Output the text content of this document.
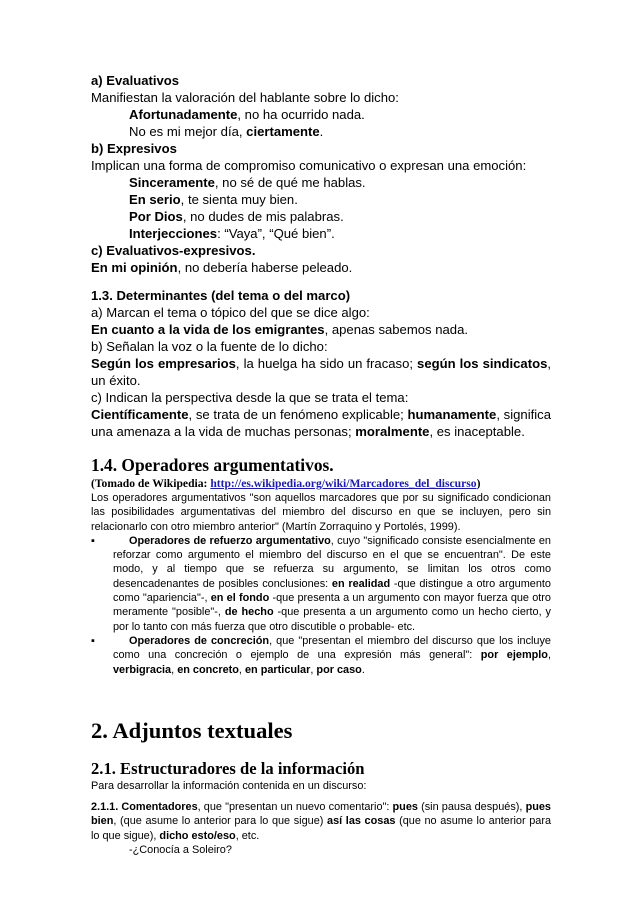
a) Evaluativos
Manifiestan la valoración del hablante sobre lo dicho:
Afortunadamente, no ha ocurrido nada.
No es mi mejor día, ciertamente.
b) Expresivos
Implican una forma de compromiso comunicativo o expresan una emoción:
Sinceramente, no sé de qué me hablas.
En serio, te sienta muy bien.
Por Dios, no dudes de mis palabras.
Interjecciones: “Vaya”, “Qué bien”.
c) Evaluativos-expresivos.
En mi opinión, no debería haberse peleado.
1.3. Determinantes (del tema o del marco)
a) Marcan el tema o tópico del que se dice algo:
En cuanto a la vida de los emigrantes, apenas sabemos nada.
b) Señalan la voz o la fuente de lo dicho:
Según los empresarios, la huelga ha sido un fracaso; según los sindicatos, un éxito.
c) Indican la perspectiva desde la que se trata el tema:
Científicamente, se trata de un fenómeno explicable; humanamente, significa una amenaza a la vida de muchas personas; moralmente, es inaceptable.
1.4. Operadores argumentativos.
(Tomado de Wikipedia: http://es.wikipedia.org/wiki/Marcadores_del_discurso)
Los operadores argumentativos "son aquellos marcadores que por su significado condicionan las posibilidades argumentativas del miembro del discurso en que se incluyen, pero sin relacionarlo con otro miembro anterior" (Martín Zorraquino y Portolés, 1999).
▪	Operadores de refuerzo argumentativo, cuyo "significado consiste esencialmente en reforzar como argumento el miembro del discurso en el que se encuentran". De este modo, y al tiempo que se refuerza su argumento, se limitan los otros como desencadenantes de posibles conclusiones: en realidad -que distingue a otro argumento como "apariencia"-, en el fondo -que presenta a un argumento con mayor fuerza que otro meramente "posible"-, de hecho -que presenta a un argumento como un hecho cierto, y por lo tanto con más fuerza que otro discutible o probable- etc.
▪	Operadores de concreción, que "presentan el miembro del discurso que los incluye como una concreción o ejemplo de una expresión más general": por ejemplo, verbigracia, en concreto, en particular, por caso.
2. Adjuntos textuales
2.1. Estructuradores de la información
Para desarrollar la información contenida en un discurso:
2.1.1. Comentadores, que "presentan un nuevo comentario": pues (sin pausa después), pues bien, (que asume lo anterior para lo que sigue) así las cosas (que no asume lo anterior para lo que sigue), dicho esto/eso, etc.
-¿Conocía a Soleiro?
